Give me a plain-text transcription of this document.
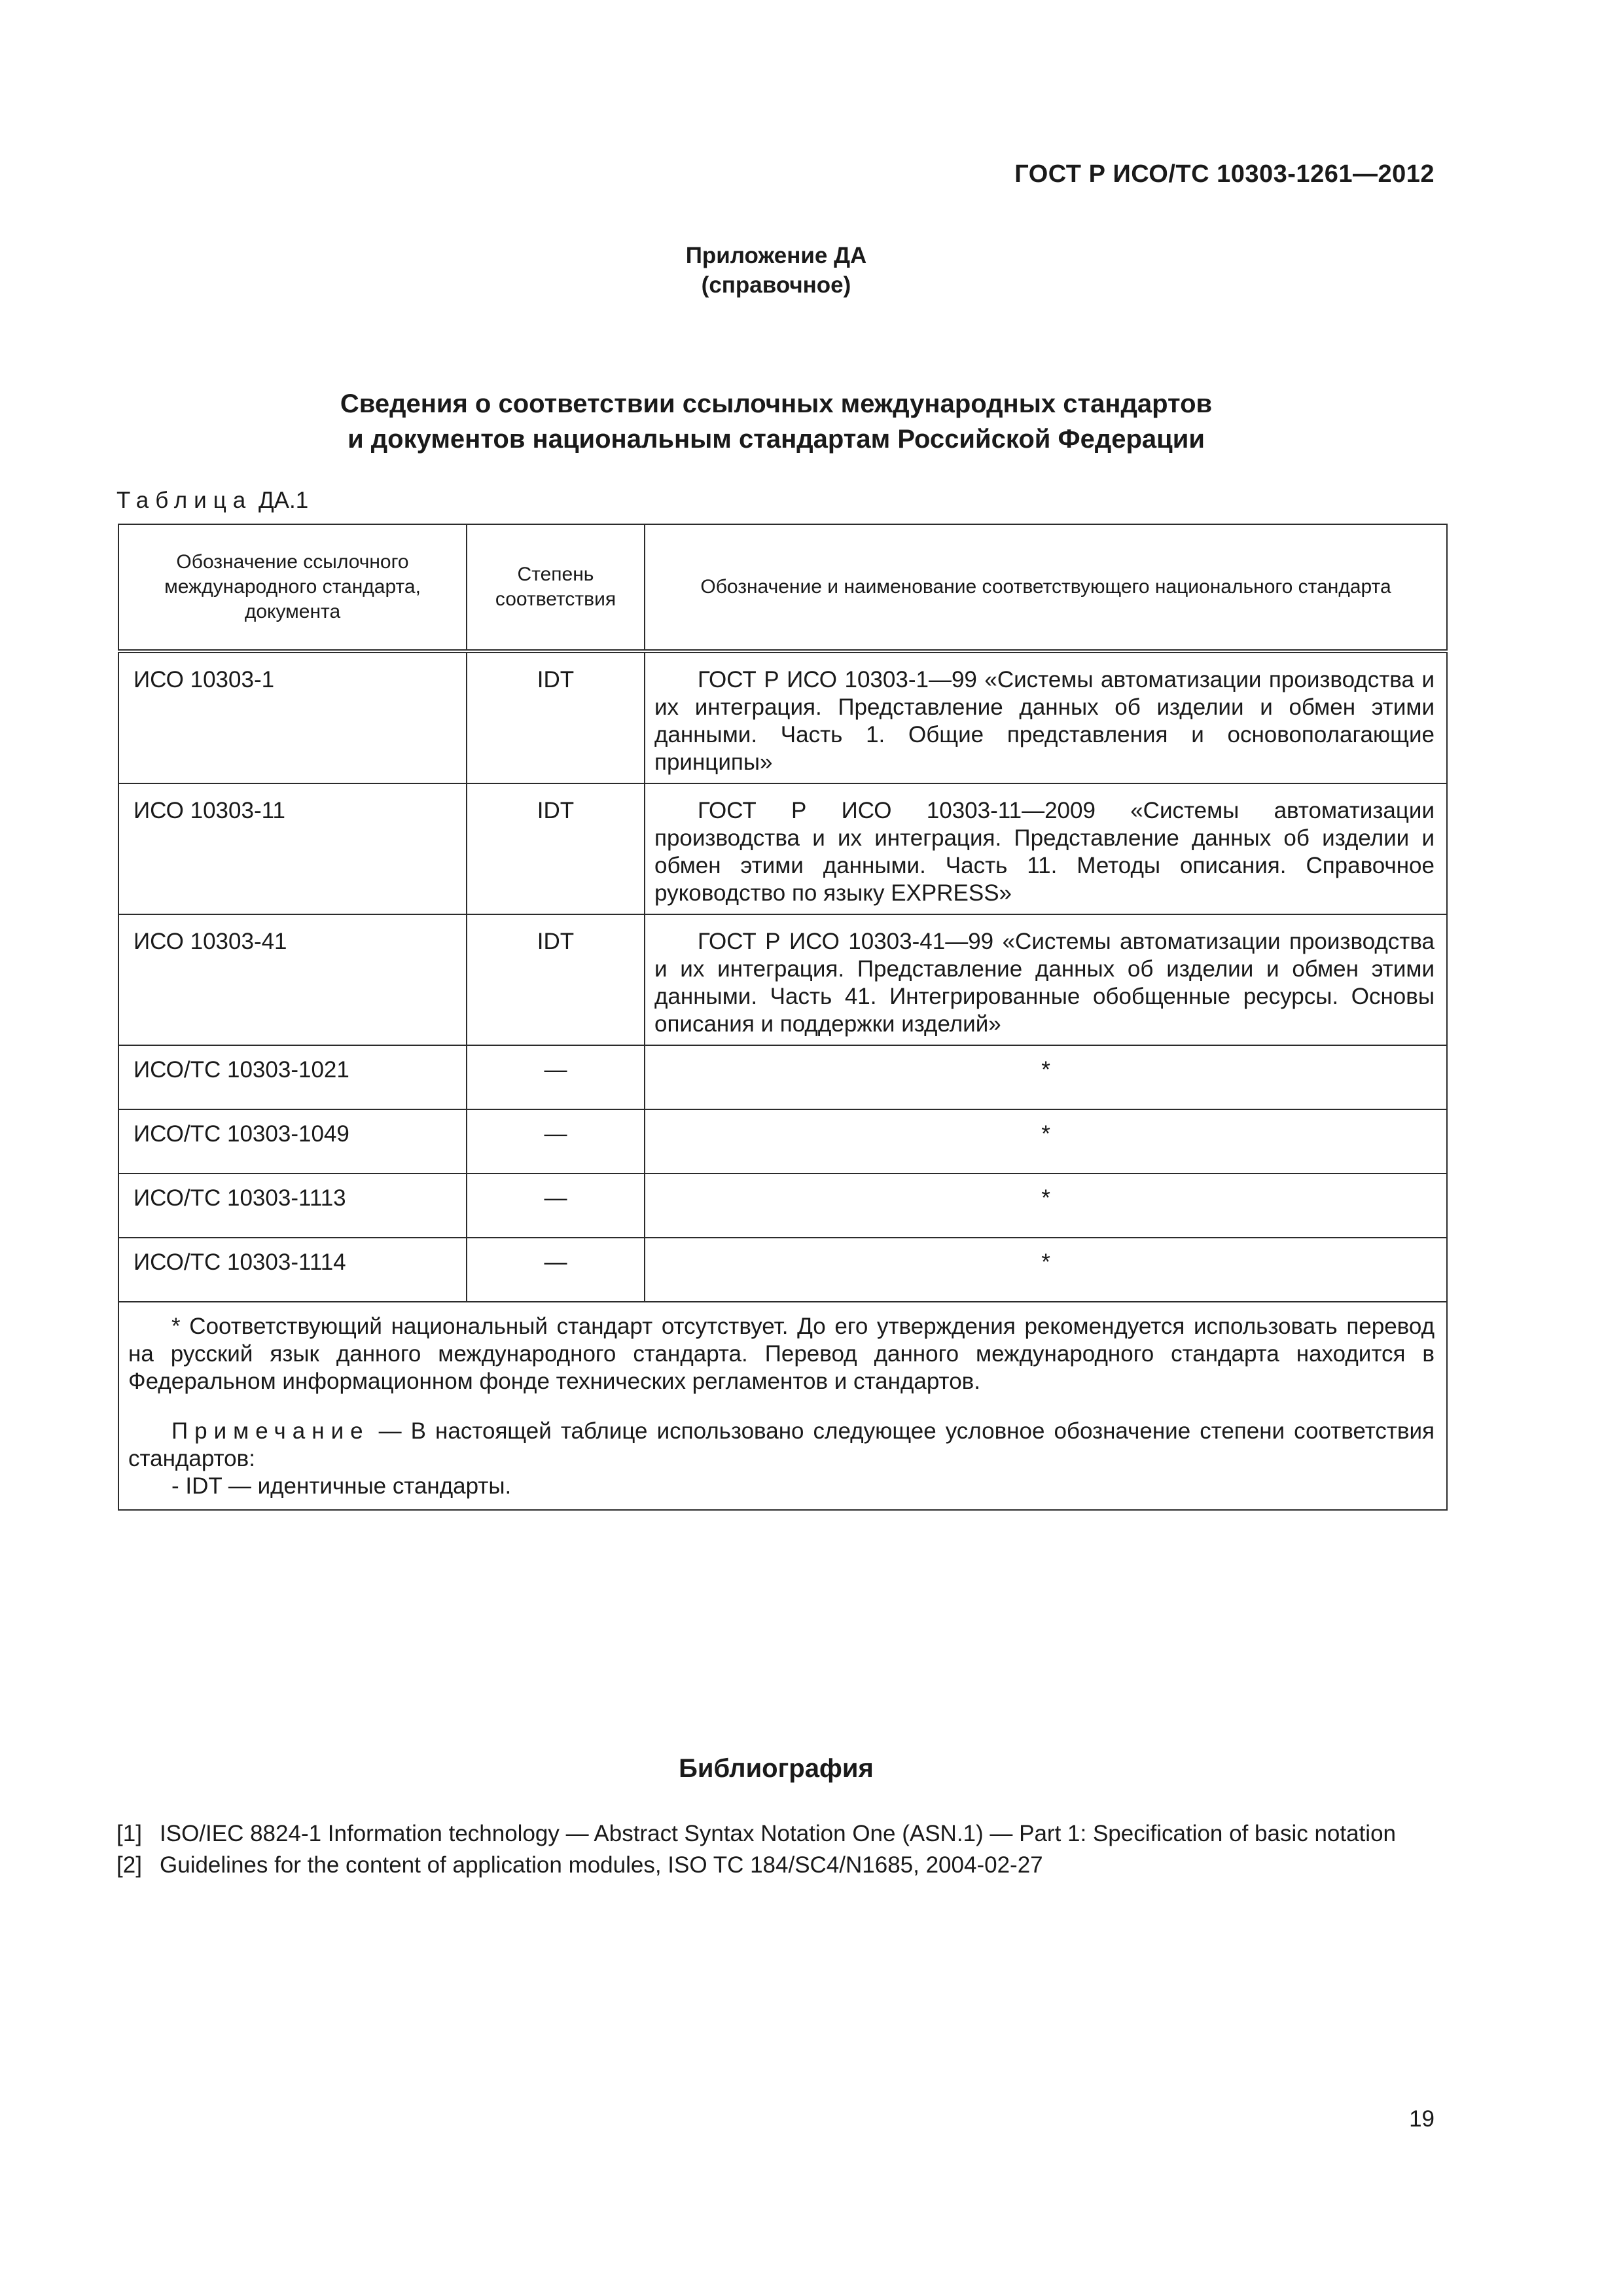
ГОСТ Р ИСО/ТС 10303-1261—2012
Приложение ДА
(справочное)
Сведения о соответствии ссылочных международных стандартов
и документов национальным стандартам Российской Федерации
Таблица ДА.1
Обозначение ссылочного международного стандарта, документа	Степень соответствия	Обозначение и наименование соответствующего национального стандарта
ИСО 10303-1	IDT	ГОСТ Р ИСО 10303-1—99 «Системы автоматизации производства и их интеграция. Представление данных об изделии и обмен этими данными. Часть 1. Общие представления и основополагающие принципы»
ИСО 10303-11	IDT	ГОСТ Р ИСО 10303-11—2009 «Системы автоматизации производства и их интеграция. Представление данных об изделии и обмен этими данными. Часть 11. Методы описания. Справочное руководство по языку EXPRESS»
ИСО 10303-41	IDT	ГОСТ Р ИСО 10303-41—99 «Системы автоматизации производства и их интеграция. Представление данных об изделии и обмен этими данными. Часть 41. Интегрированные обобщенные ресурсы. Основы описания и поддержки изделий»
ИСО/ТС 10303-1021	—	*
ИСО/ТС 10303-1049	—	*
ИСО/ТС 10303-1113	—	*
ИСО/ТС 10303-1114	—	*

* Соответствующий национальный стандарт отсутствует. До его утверждения рекомендуется использовать перевод на русский язык данного международного стандарта. Перевод данного международного стандарта находится в Федеральном информационном фонде технических регламентов и стандартов.

Примечание — В настоящей таблице использовано следующее условное обозначение степени соответствия стандартов:

- IDT — идентичные стандарты.		

Библиография
[1] ISO/IEC 8824-1 Information technology — Abstract Syntax Notation One (ASN.1) — Part 1: Specification of basic notation
[2] Guidelines for the content of application modules, ISO TC 184/SC4/N1685, 2004-02-27
19
